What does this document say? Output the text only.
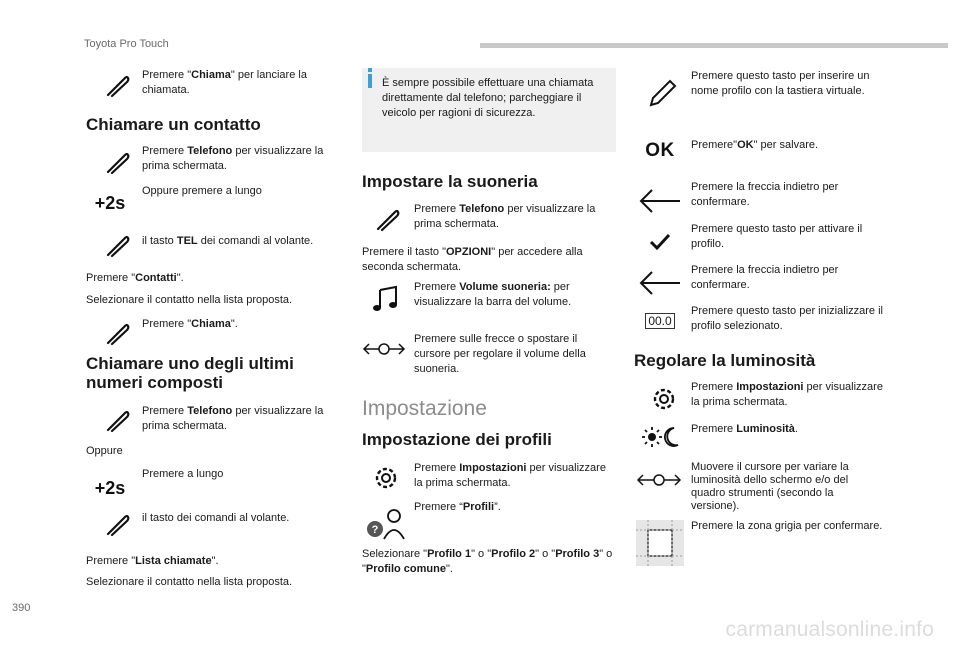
Toyota Pro Touch
Premere "Chiama" per lanciare la chiamata.
Chiamare un contatto
Premere Telefono per visualizzare la prima schermata.
+2s
Oppure premere a lungo
il tasto TEL dei comandi al volante.
Premere "Contatti".
Selezionare il contatto nella lista proposta.
Premere "Chiama".
Chiamare uno degli ultimi numeri composti
Premere Telefono per visualizzare la prima schermata.
Oppure
+2s
Premere a lungo
il tasto dei comandi al volante.
Premere "Lista chiamate".
Selezionare il contatto nella lista proposta.
È sempre possibile effettuare una chiamata direttamente dal telefono; parcheggiare il veicolo per ragioni di sicurezza.
Impostare la suoneria
Premere Telefono per visualizzare la prima schermata.
Premere il tasto "OPZIONI" per accedere alla seconda schermata.
Premere Volume suoneria: per visualizzare la barra del volume.
Premere sulle frecce o spostare il cursore per regolare il volume della suoneria.
Impostazione
Impostazione dei profili
Premere Impostazioni per visualizzare la prima schermata.
?
Premere “Profili”.
Selezionare "Profilo 1" o "Profilo 2" o "Profilo 3" o "Profilo comune".
Premere questo tasto per inserire un nome profilo con la tastiera virtuale.
OK Premere"OK" per salvare.
Premere la freccia indietro per confermare.
Premere questo tasto per attivare il profilo.
Premere la freccia indietro per confermare.
00.0
Premere questo tasto per inizializzare il profilo selezionato.
Regolare la luminosità
Premere Impostazioni per visualizzare la prima schermata.
Premere Luminosità.
Muovere il cursore per variare la luminosità dello schermo e/o del quadro strumenti (secondo la versione).
Premere la zona grigia per confermare.
390
carmanualsonline.info
